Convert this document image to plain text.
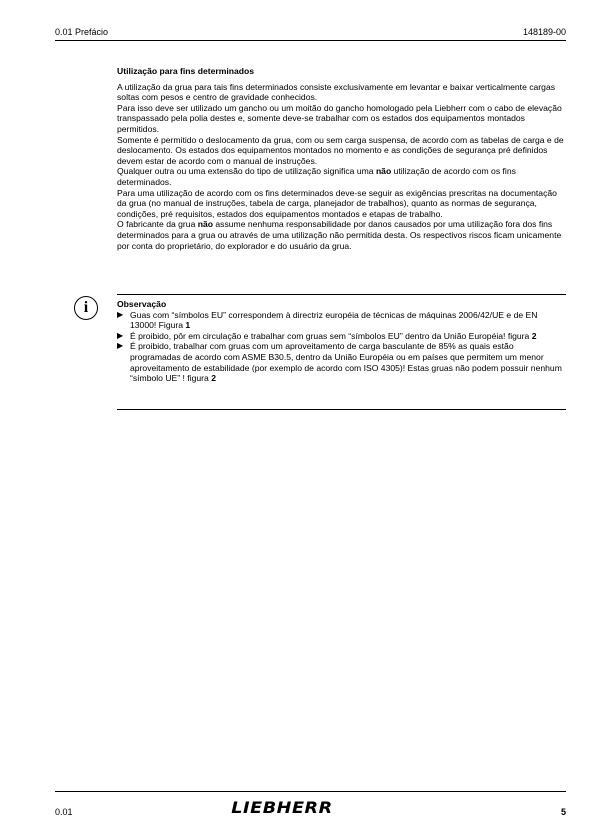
0.01 Prefácio	148189-00
Utilização para fins determinados

A utilização da grua para tais fins determinados consiste exclusivamente em levantar e baixar verticalmente cargas soltas com pesos e centro de gravidade conhecidos.

Para isso deve ser utilizado um gancho ou um moitão do gancho homologado pela Liebherr com o cabo de elevação transpassado pela polia destes e, somente deve-se trabalhar com os estados dos equipamentos montados permitidos.

Somente é permitido o deslocamento da grua, com ou sem carga suspensa, de acordo com as tabelas de carga e de deslocamento. Os estados dos equipamentos montados no momento e as condições de segurança pré definidos devem estar de acordo com o manual de instruções.

Qualquer outra ou uma extensão do tipo de utilização significa uma não utilização de acordo com os fins determinados.

Para uma utilização de acordo com os fins determinados deve-se seguir as exigências prescritas na documentação da grua (no manual de instruções, tabela de carga, planejador de trabalhos), quanto as normas de segurança, condições, pré requisitos, estados dos equipamentos montados e etapas de trabalho.

O fabricante da grua não assume nenhuma responsabilidade por danos causados por uma utilização fora dos fins determinados para a grua ou através de uma utilização não permitida desta. Os respectivos riscos ficam unicamente por conta do proprietário, do explorador e do usuário da grua.

i	Observação
▶ Guas com “símbolos EU” correspondem à directriz européia de técnicas de máquinas 2006/42/UE e de EN 13000! Figura 1
▶ É proibido, pôr em circulação e trabalhar com gruas sem “símbolos EU” dentro da União Européia! figura 2
▶ É proibido, trabalhar com gruas com um aproveitamento de carga basculante de 85% as quais estão programadas de acordo com ASME B30.5, dentro da União Européia ou em países que permitem um menor aproveitamento de estabilidade (por exemplo de acordo com ISO 4305)! Estas gruas não podem possuir nenhum “símbolo UE” ! figura 2
0.01	5
LIEBHERR
